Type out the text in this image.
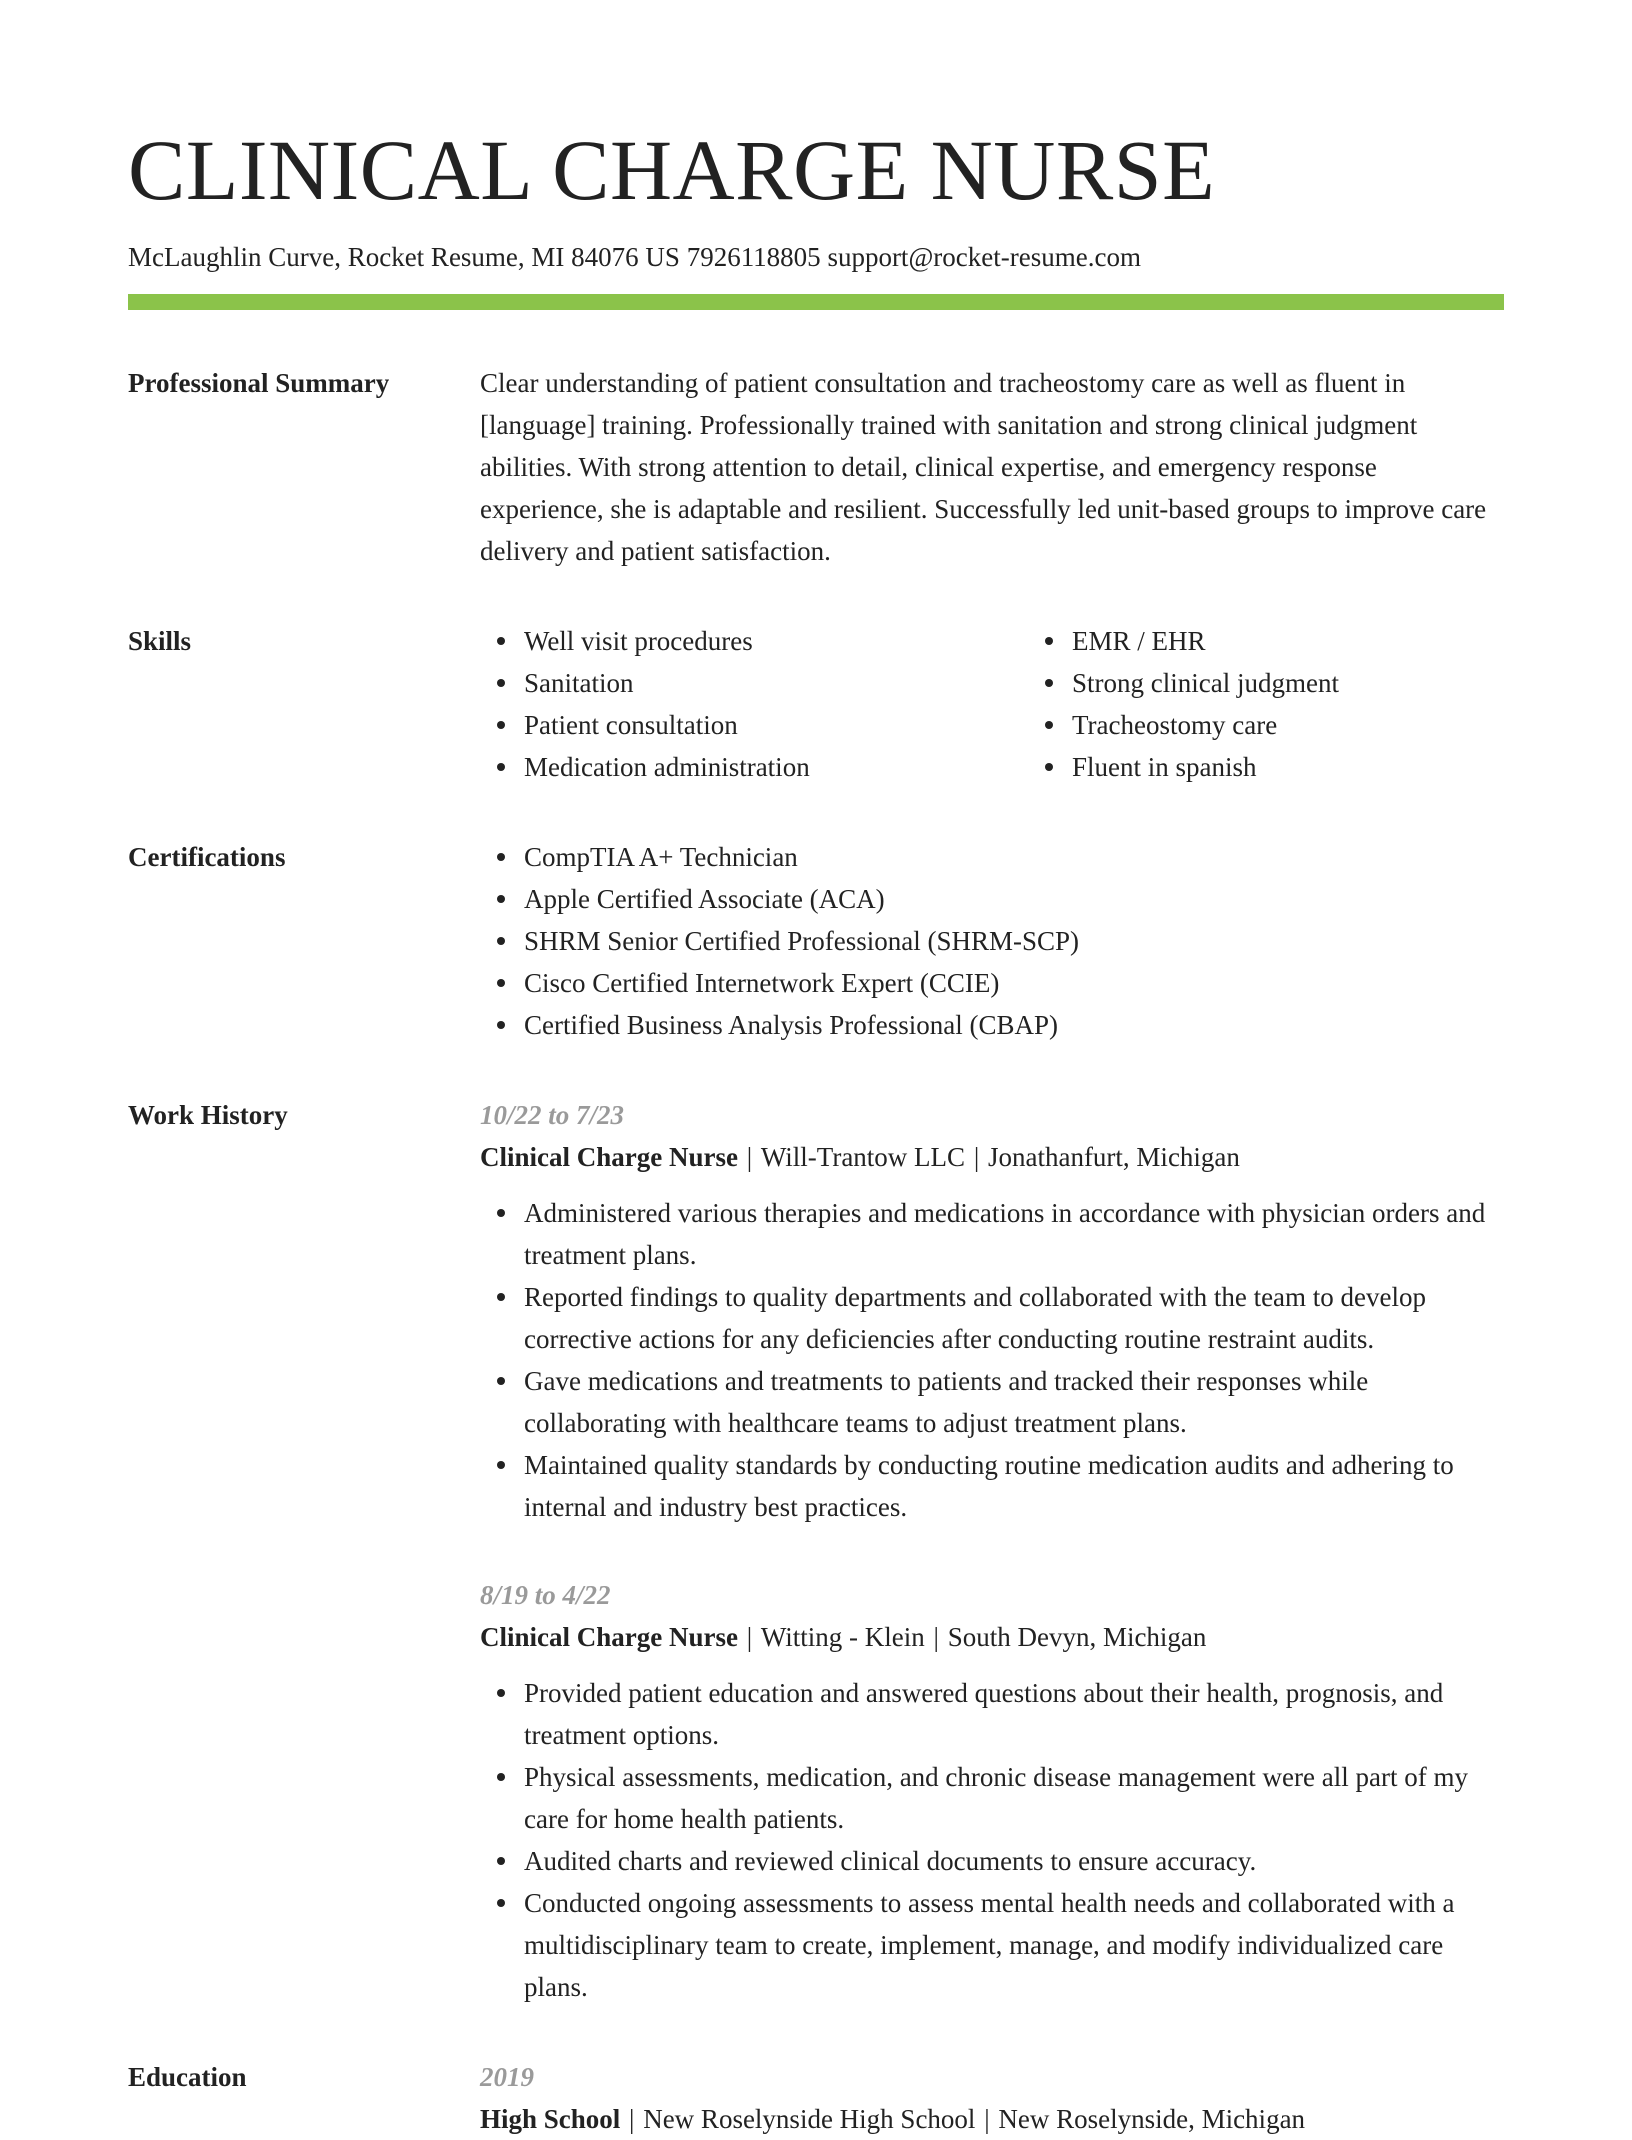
CLINICAL CHARGE NURSE
McLaughlin Curve, Rocket Resume, MI 84076 US 7926118805 support@rocket-resume.com
Professional Summary	Clear understanding of patient consultation and tracheostomy care as well as fluent in [language] training. Professionally trained with sanitation and strong clinical judgment abilities. With strong attention to detail, clinical expertise, and emergency response experience, she is adaptable and resilient. Successfully led unit-based groups to improve care delivery and patient satisfaction.

Skills	Well visit procedures
Sanitation
Patient consultation
Medication administration
EMR / EHR
Strong clinical judgment
Tracheostomy care
Fluent in spanish
Certifications	CompTIA A+ Technician
Apple Certified Associate (ACA)
SHRM Senior Certified Professional (SHRM-SCP)
Cisco Certified Internetwork Expert (CCIE)
Certified Business Analysis Professional (CBAP)
Work History	10/22 to 7/23
Clinical Charge Nurse | Will-Trantow LLC | Jonathanfurt, Michigan
Administered various therapies and medications in accordance with physician orders and treatment plans.
Reported findings to quality departments and collaborated with the team to develop corrective actions for any deficiencies after conducting routine restraint audits.
Gave medications and treatments to patients and tracked their responses while collaborating with healthcare teams to adjust treatment plans.
Maintained quality standards by conducting routine medication audits and adhering to internal and industry best practices.
8/19 to 4/22
Clinical Charge Nurse | Witting - Klein | South Devyn, Michigan
Provided patient education and answered questions about their health, prognosis, and treatment options.
Physical assessments, medication, and chronic disease management were all part of my care for home health patients.
Audited charts and reviewed clinical documents to ensure accuracy.
Conducted ongoing assessments to assess mental health needs and collaborated with a multidisciplinary team to create, implement, manage, and modify individualized care plans.
Education	2019
High School | New Roselynside High School | New Roselynside, Michigan
